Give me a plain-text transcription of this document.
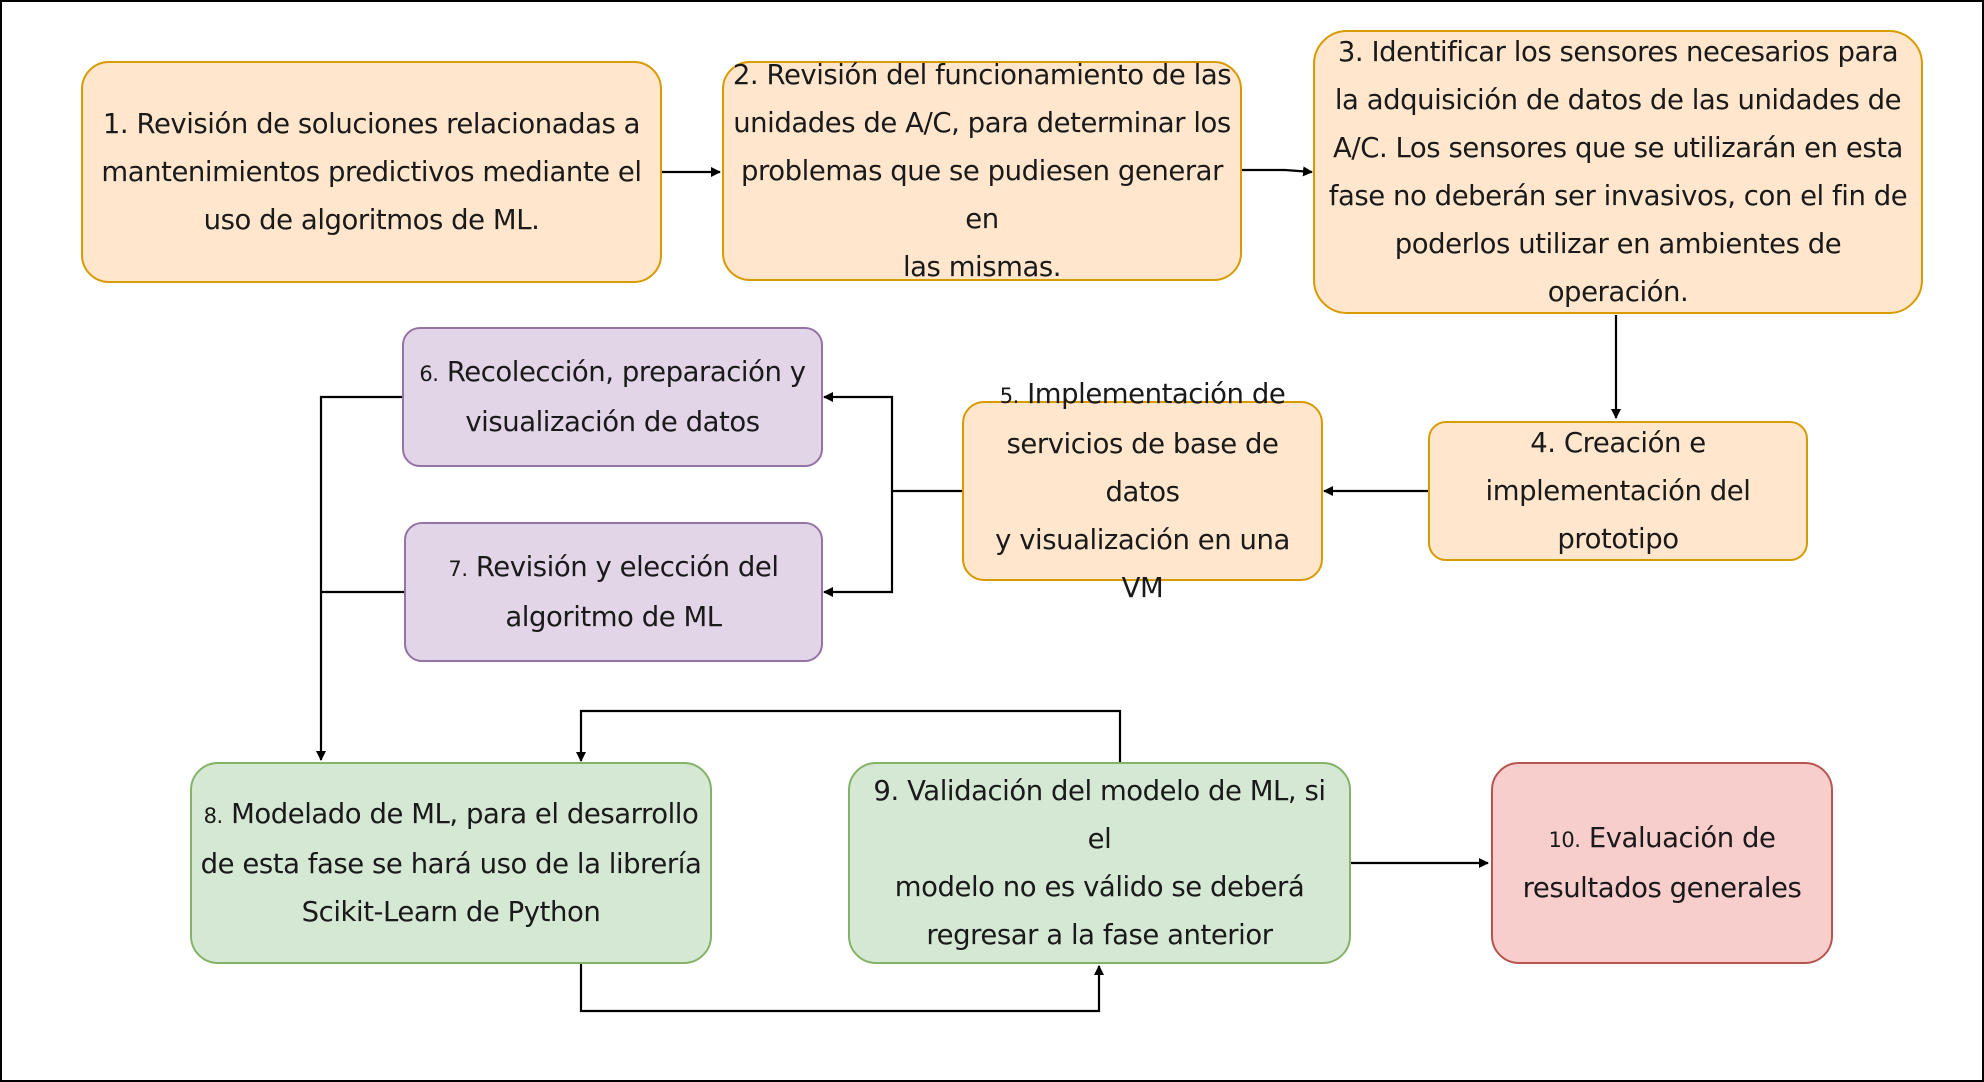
1. Revisión de soluciones relacionadas a
mantenimientos predictivos mediante el
uso de algoritmos de ML.
2. Revisión del funcionamiento de las
unidades de A/C, para determinar los
problemas que se pudiesen generar en
las mismas.
3. Identificar los sensores necesarios para
la adquisición de datos de las unidades de
A/C. Los sensores que se utilizarán en esta
fase no deberán ser invasivos, con el fin de
poderlos utilizar en ambientes de operación.
4. Creación e
implementación del
prototipo
5. Implementación de
servicios de base de datos
y visualización en una VM
6. Recolección, preparación y
visualización de datos
7. Revisión y elección del
algoritmo de ML
8. Modelado de ML, para el desarrollo
de esta fase se hará uso de la librería
Scikit-Learn de Python
9. Validación del modelo de ML, si el
modelo no es válido se deberá
regresar a la fase anterior
10. Evaluación de
resultados generales
